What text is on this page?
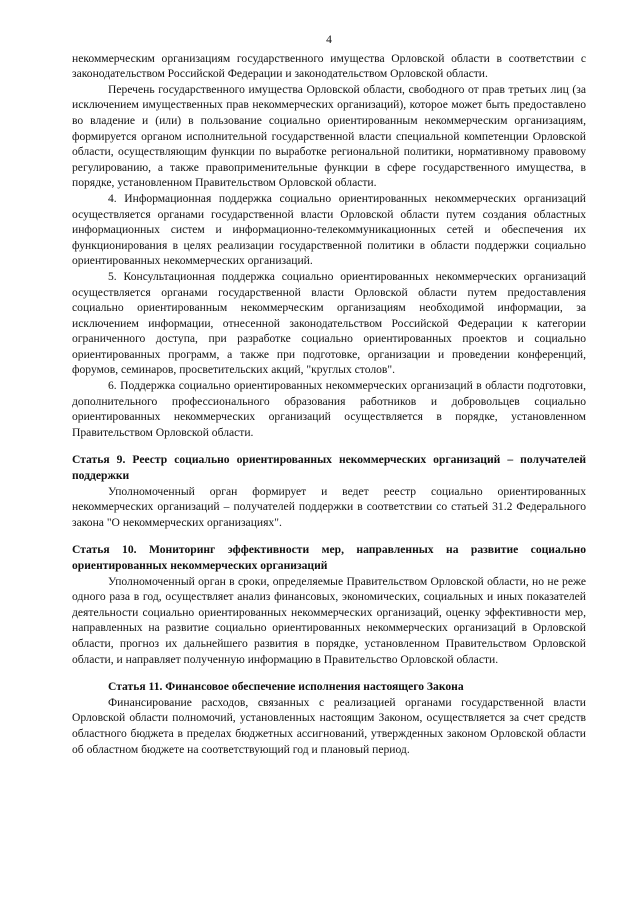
4

некоммерческим организациям государственного имущества Орловской области в соответствии с законодательством Российской Федерации и законодательством Орловской области.

Перечень государственного имущества Орловской области, свободного от прав третьих лиц (за исключением имущественных прав некоммерческих организаций), которое может быть предоставлено во владение и (или) в пользование социально ориентированным некоммерческим организациям, формируется органом исполнительной государственной власти специальной компетенции Орловской области, осуществляющим функции по выработке региональной политики, нормативному правовому регулированию, а также правоприменительные функции в сфере государственного имущества, в порядке, установленном Правительством Орловской области.

4. Информационная поддержка социально ориентированных некоммерческих организаций осуществляется органами государственной власти Орловской области путем создания областных информационных систем и информационно-телекоммуникационных сетей и обеспечения их функционирования в целях реализации государственной политики в области поддержки социально ориентированных некоммерческих организаций.

5. Консультационная поддержка социально ориентированных некоммерческих организаций осуществляется органами государственной власти Орловской области путем предоставления социально ориентированным некоммерческим организациям необходимой информации, за исключением информации, отнесенной законодательством Российской Федерации к категории ограниченного доступа, при разработке социально ориентированных проектов и социально ориентированных программ, а также при подготовке, организации и проведении конференций, форумов, семинаров, просветительских акций, "круглых столов".

6. Поддержка социально ориентированных некоммерческих организаций в области подготовки, дополнительного профессионального образования работников и добровольцев социально ориентированных некоммерческих организаций осуществляется в порядке, установленном Правительством Орловской области.

Статья 9. Реестр социально ориентированных некоммерческих организаций – получателей поддержки

Уполномоченный орган формирует и ведет реестр социально ориентированных некоммерческих организаций – получателей поддержки в соответствии со статьей 31.2 Федерального закона "О некоммерческих организациях".

Статья 10. Мониторинг эффективности мер, направленных на развитие социально ориентированных некоммерческих организаций

Уполномоченный орган в сроки, определяемые Правительством Орловской области, но не реже одного раза в год, осуществляет анализ финансовых, экономических, социальных и иных показателей деятельности социально ориентированных некоммерческих организаций, оценку эффективности мер, направленных на развитие социально ориентированных некоммерческих организаций в Орловской области, прогноз их дальнейшего развития в порядке, установленном Правительством Орловской области, и направляет полученную информацию в Правительство Орловской области.

Статья 11. Финансовое обеспечение исполнения настоящего Закона

Финансирование расходов, связанных с реализацией органами государственной власти Орловской области полномочий, установленных настоящим Законом, осуществляется за счет средств областного бюджета в пределах бюджетных ассигнований, утвержденных законом Орловской области об областном бюджете на соответствующий год и плановый период.
